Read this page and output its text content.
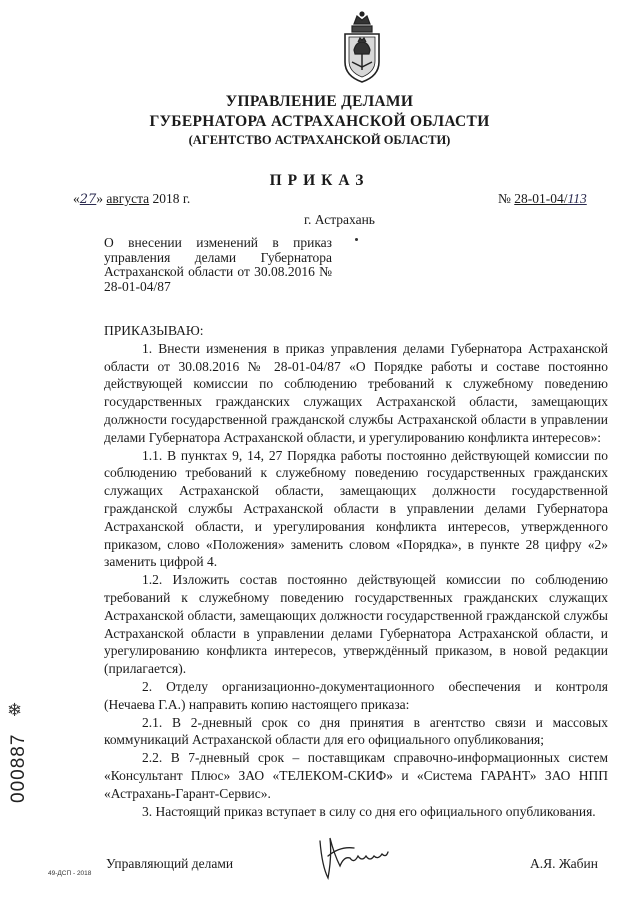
УПРАВЛЕНИЕ ДЕЛАМИ
ГУБЕРНАТОРА АСТРАХАНСКОЙ ОБЛАСТИ
(АГЕНТСТВО АСТРАХАНСКОЙ ОБЛАСТИ)
ПРИКАЗ
«27» августа 2018 г.	№ 28-01-04/113
г. Астрахань
О внесении изменений в приказ управления делами Губернатора Астраханской области от 30.08.2016 № 28-01-04/87

ПРИКАЗЫВАЮ:

1. Внести изменения в приказ управления делами Губернатора Астраханской области от 30.08.2016 № 28-01-04/87 «О Порядке работы и составе постоянно действующей комиссии по соблюдению требований к служебному поведению государственных гражданских служащих Астраханской области, замещающих должности государственной гражданской службы Астраханской области в управлении делами Губернатора Астраханской области, и урегулированию конфликта интересов»:

1.1. В пунктах 9, 14, 27 Порядка работы постоянно действующей комиссии по соблюдению требований к служебному поведению государственных гражданских служащих Астраханской области, замещающих должности государственной гражданской службы Астраханской области в управлении делами Губернатора Астраханской области, и урегулирования конфликта интересов, утвержденного приказом, слово «Положения» заменить словом «Порядка», в пункте 28 цифру «2» заменить цифрой 4.

1.2. Изложить состав постоянно действующей комиссии по соблюдению требований к служебному поведению государственных гражданских служащих Астраханской области, замещающих должности государственной гражданской службы Астраханской области в управлении делами Губернатора Астраханской области, и урегулированию конфликта интересов, утверждённый приказом, в новой редакции (прилагается).

2. Отделу организационно-документационного обеспечения и контроля (Нечаева Г.А.) направить копию настоящего приказа:

2.1. В 2-дневный срок со дня принятия в агентство связи и массовых коммуникаций Астраханской области для его официального опубликования;

2.2. В 7-дневный срок – поставщикам справочно-информационных систем «Консультант Плюс» ЗАО «ТЕЛЕКОМ-СКИФ» и «Система ГАРАНТ» ЗАО НПП «Астрахань-Гарант-Сервис».

3. Настоящий приказ вступает в силу со дня его официального опубликования.

❄
000887
49-ДСП - 2018
Управляющий делами	А.Я. Жабин
